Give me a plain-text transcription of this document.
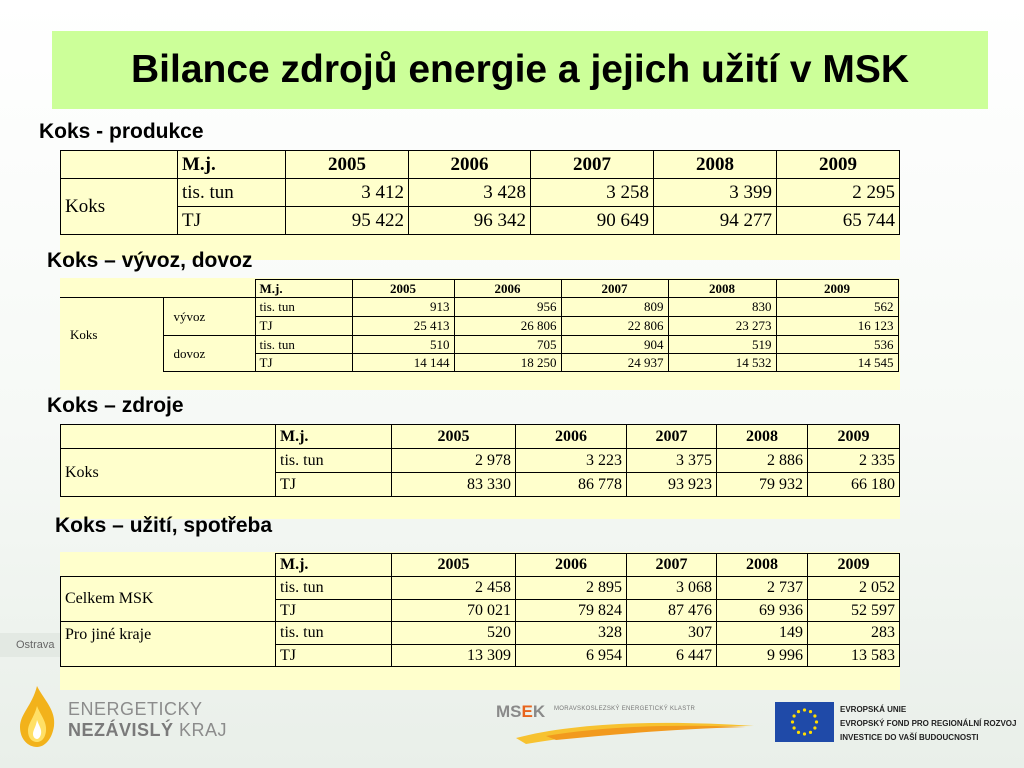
Bilance zdrojů energie a jejich užití v MSK
Koks - produkce
	M.j.	2005	2006	2007	2008	2009
Koks	tis. tun	3 412	3 428	3 258	3 399	2 295
	TJ	95 422	96 342	90 649	94 277	65 744
Koks – vývoz, dovoz
		M.j.	2005	2006	2007	2008	2009
Koks	vývoz	tis. tun	913	956	809	830	562
		TJ	25 413	26 806	22 806	23 273	16 123
	dovoz	tis. tun	510	705	904	519	536
		TJ	14 144	18 250	24 937	14 532	14 545
Koks – zdroje
	M.j.	2005	2006	2007	2008	2009
Koks	tis. tun	2 978	3 223	3 375	2 886	2 335
	TJ	83 330	86 778	93 923	79 932	66 180
Koks – užití, spotřeba
	M.j.	2005	2006	2007	2008	2009
Celkem MSK	tis. tun	2 458	2 895	3 068	2 737	2 052
	TJ	70 021	79 824	87 476	69 936	52 597
Pro jiné kraje	tis. tun	520	328	307	149	283
	TJ	13 309	6 954	6 447	9 996	13 583
Ostrava
ENERGETICKY
NEZÁVISLÝ KRAJ
MSEK MORAVSKOSLEZSKÝ ENERGETICKÝ KLASTR	EVROPSKÁ UNIE
EVROPSKÝ FOND PRO REGIONÁLNÍ ROZVOJ
INVESTICE DO VAŠÍ BUDOUCNOSTI
